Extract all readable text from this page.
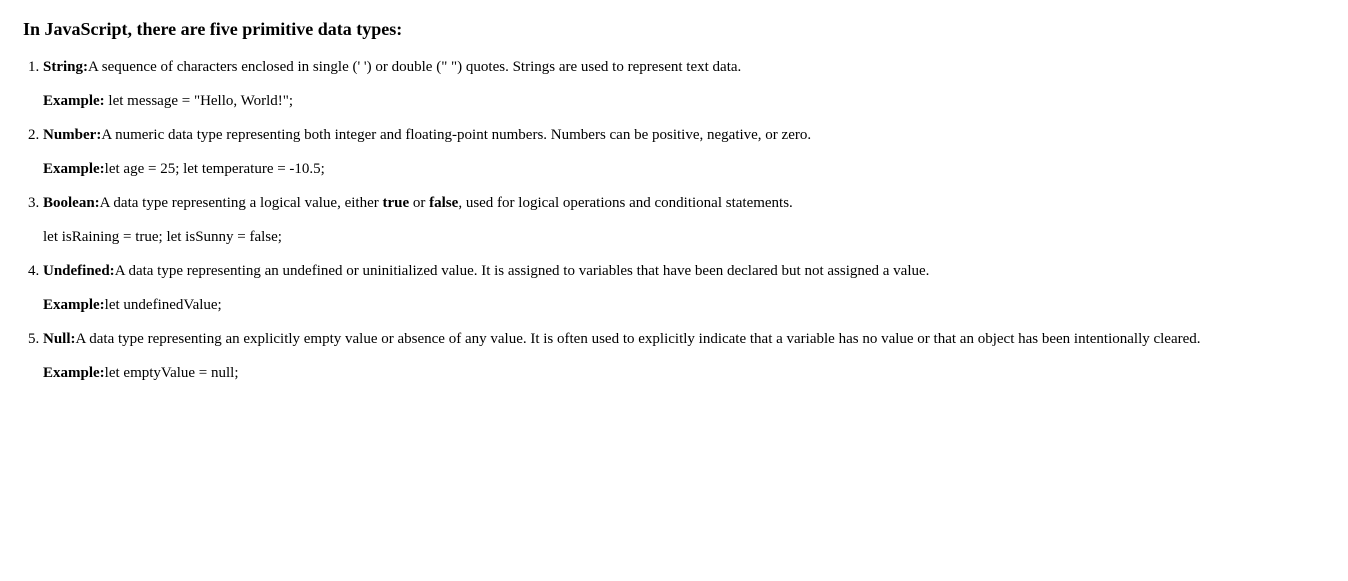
In JavaScript, there are five primitive data types:
1. String:A sequence of characters enclosed in single (' ') or double (" ") quotes. Strings are used to represent text data.
Example: let message = "Hello, World!";
2. Number:A numeric data type representing both integer and floating-point numbers. Numbers can be positive, negative, or zero.
Example:let age = 25; let temperature = -10.5;
3. Boolean:A data type representing a logical value, either true or false, used for logical operations and conditional statements.
let isRaining = true; let isSunny = false;
4. Undefined:A data type representing an undefined or uninitialized value. It is assigned to variables that have been declared but not assigned a value.
Example:let undefinedValue;
5. Null:A data type representing an explicitly empty value or absence of any value. It is often used to explicitly indicate that a variable has no value or that an object has been intentionally cleared.
Example:let emptyValue = null;
